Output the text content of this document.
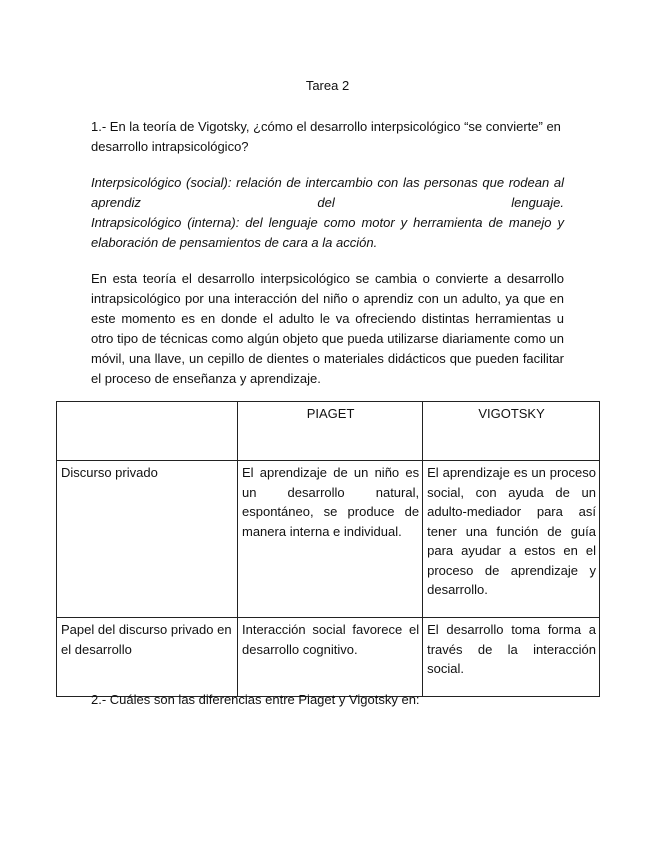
Tarea 2
1.- En la teoría de Vigotsky, ¿cómo el desarrollo interpsicológico “se convierte” en desarrollo intrapsicológico?

Interpsicológico (social): relación de intercambio con las personas que rodean al aprendiz del lenguaje.

Intrapsicológico (interna): del lenguaje como motor y herramienta de manejo y elaboración de pensamientos de cara a la acción.

En esta teoría el desarrollo interpsicológico se cambia o convierte a desarrollo intrapsicológico por una interacción del niño o aprendiz con un adulto, ya que en este momento es en donde el adulto le va ofreciendo distintas herramientas u otro tipo de técnicas como algún objeto que pueda utilizarse diariamente como un móvil, una llave, un cepillo de dientes o materiales didácticos que pueden facilitar el proceso de enseñanza y aprendizaje.

	PIAGET	VIGOTSKY
Discurso privado	El aprendizaje de un niño es un desarrollo natural, espontáneo, se produce de manera interna e individual.	El aprendizaje es un proceso social, con ayuda de un adulto-mediador para así tener una función de guía para ayudar a estos en el proceso de aprendizaje y desarrollo.
Papel del discurso privado en el desarrollo	Interacción social favorece el desarrollo cognitivo.	El desarrollo toma forma a través de la interacción social.
2.- Cuáles son las diferencias entre Piaget y Vigotsky en:
